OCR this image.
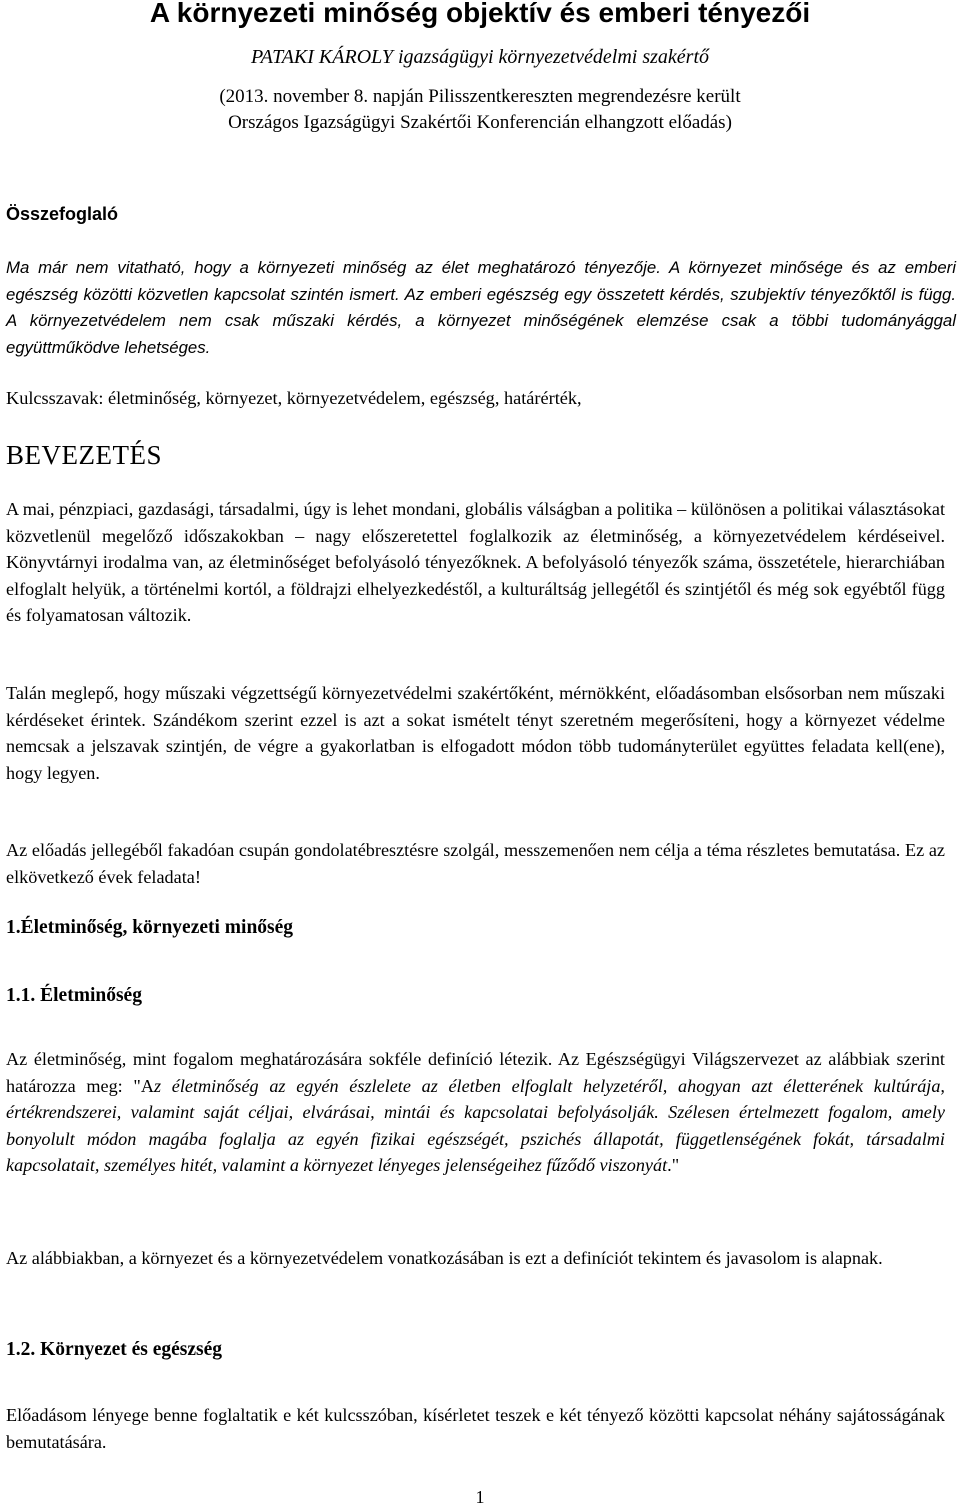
A környezeti minőség objektív és emberi tényezői
PATAKI KÁROLY igazságügyi környezetvédelmi szakértő
(2013. november 8. napján Pilisszentkereszten megrendezésre került
Országos Igazságügyi Szakértői Konferencián elhangzott előadás)
Összefoglaló

Ma már nem vitatható, hogy a környezeti minőség az élet meghatározó tényezője. A környezet minősége és az emberi egészség közötti közvetlen kapcsolat szintén ismert. Az emberi egészség egy összetett kérdés, szubjektív tényezőktől is függ. A környezetvédelem nem csak műszaki kérdés, a környezet minőségének elemzése csak a többi tudományággal együttműködve lehetséges.

Kulcsszavak: életminőség, környezet, környezetvédelem, egészség, határérték,
BEVEZETÉS

A mai, pénzpiaci, gazdasági, társadalmi, úgy is lehet mondani, globális válságban a politika – különösen a politikai választásokat közvetlenül megelőző időszakokban – nagy előszeretettel foglalkozik az életminőség, a környezetvédelem kérdéseivel. Könyvtárnyi irodalma van, az életminőséget befolyásoló tényezőknek. A befolyásoló tényezők száma, összetétele, hierarchiában elfoglalt helyük, a történelmi kortól, a földrajzi elhelyezkedéstől, a kulturáltság jellegétől és szintjétől és még sok egyébtől függ és folyamatosan változik.

Talán meglepő, hogy műszaki végzettségű környezetvédelmi szakértőként, mérnökként, előadásomban elsősorban nem műszaki kérdéseket érintek. Szándékom szerint ezzel is azt a sokat ismételt tényt szeretném megerősíteni, hogy a környezet védelme nemcsak a jelszavak szintjén, de végre a gyakorlatban is elfogadott módon több tudományterület együttes feladata kell(ene), hogy legyen.

Az előadás jellegéből fakadóan csupán gondolatébresztésre szolgál, messzemenően nem célja a téma részletes bemutatása. Ez az elkövetkező évek feladata!

1.Életminőség, környezeti minőség
1.1. Életminőség

Az életminőség, mint fogalom meghatározására sokféle definíció létezik. Az Egészségügyi Világszervezet az alábbiak szerint határozza meg: "Az életminőség az egyén észlelete az életben elfoglalt helyzetéről, ahogyan azt életterének kultúrája, értékrendszerei, valamint saját céljai, elvárásai, mintái és kapcsolatai befolyásolják. Szélesen értelmezett fogalom, amely bonyolult módon magába foglalja az egyén fizikai egészségét, pszichés állapotát, függetlenségének fokát, társadalmi kapcsolatait, személyes hitét, valamint a környezet lényeges jelenségeihez fűződő viszonyát."

Az alábbiakban, a környezet és a környezetvédelem vonatkozásában is ezt a definíciót tekintem és javasolom is alapnak.

1.2. Környezet és egészség

Előadásom lényege benne foglaltatik e két kulcsszóban, kísérletet teszek e két tényező közötti kapcsolat néhány sajátosságának bemutatására.

1
